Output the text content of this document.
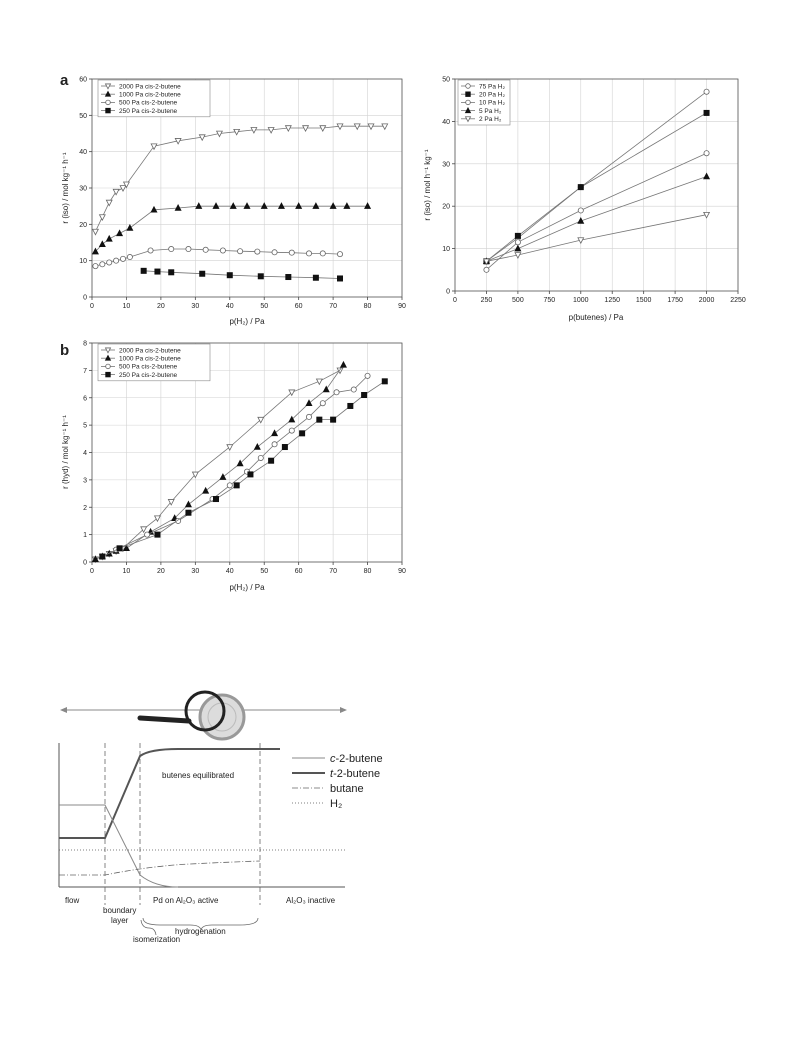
a
0	10	20	30	40	50	60	70	80	90
0
10
20
30
40
50
60
2000 Pa cis-2-butene
1000 Pa cis-2-butene
500 Pa cis-2-butene
250 Pa cis-2-butene
p(H₂) / Pa
r (iso) / mol kg⁻¹ h⁻¹
0	250	500	750	1000 1250 1500 1750 2000 2250
0
10
20
30
40
50
75 Pa H₂
20 Pa H₂
10 Pa H₂
5 Pa H₂
2 Pa H₂
p(butenes) / Pa
r (iso) / mol h⁻¹ kg⁻¹
b
0	10	20	30	40	50	60	70	80	90
0
1
2
3
4
5
6
7
8
2000 Pa cis-2-butene
1000 Pa cis-2-butene
500 Pa cis-2-butene
250 Pa cis-2-butene
p(H₂) / Pa
r (hyd) / mol kg⁻¹ h⁻¹
butenes equilibrated
flow
boundary
layer
Pd on Al₂O₃ active	Al₂O₃ inactive
hydrogenation
isomerization
c-2-butene
t-2-butene
butane
H₂
